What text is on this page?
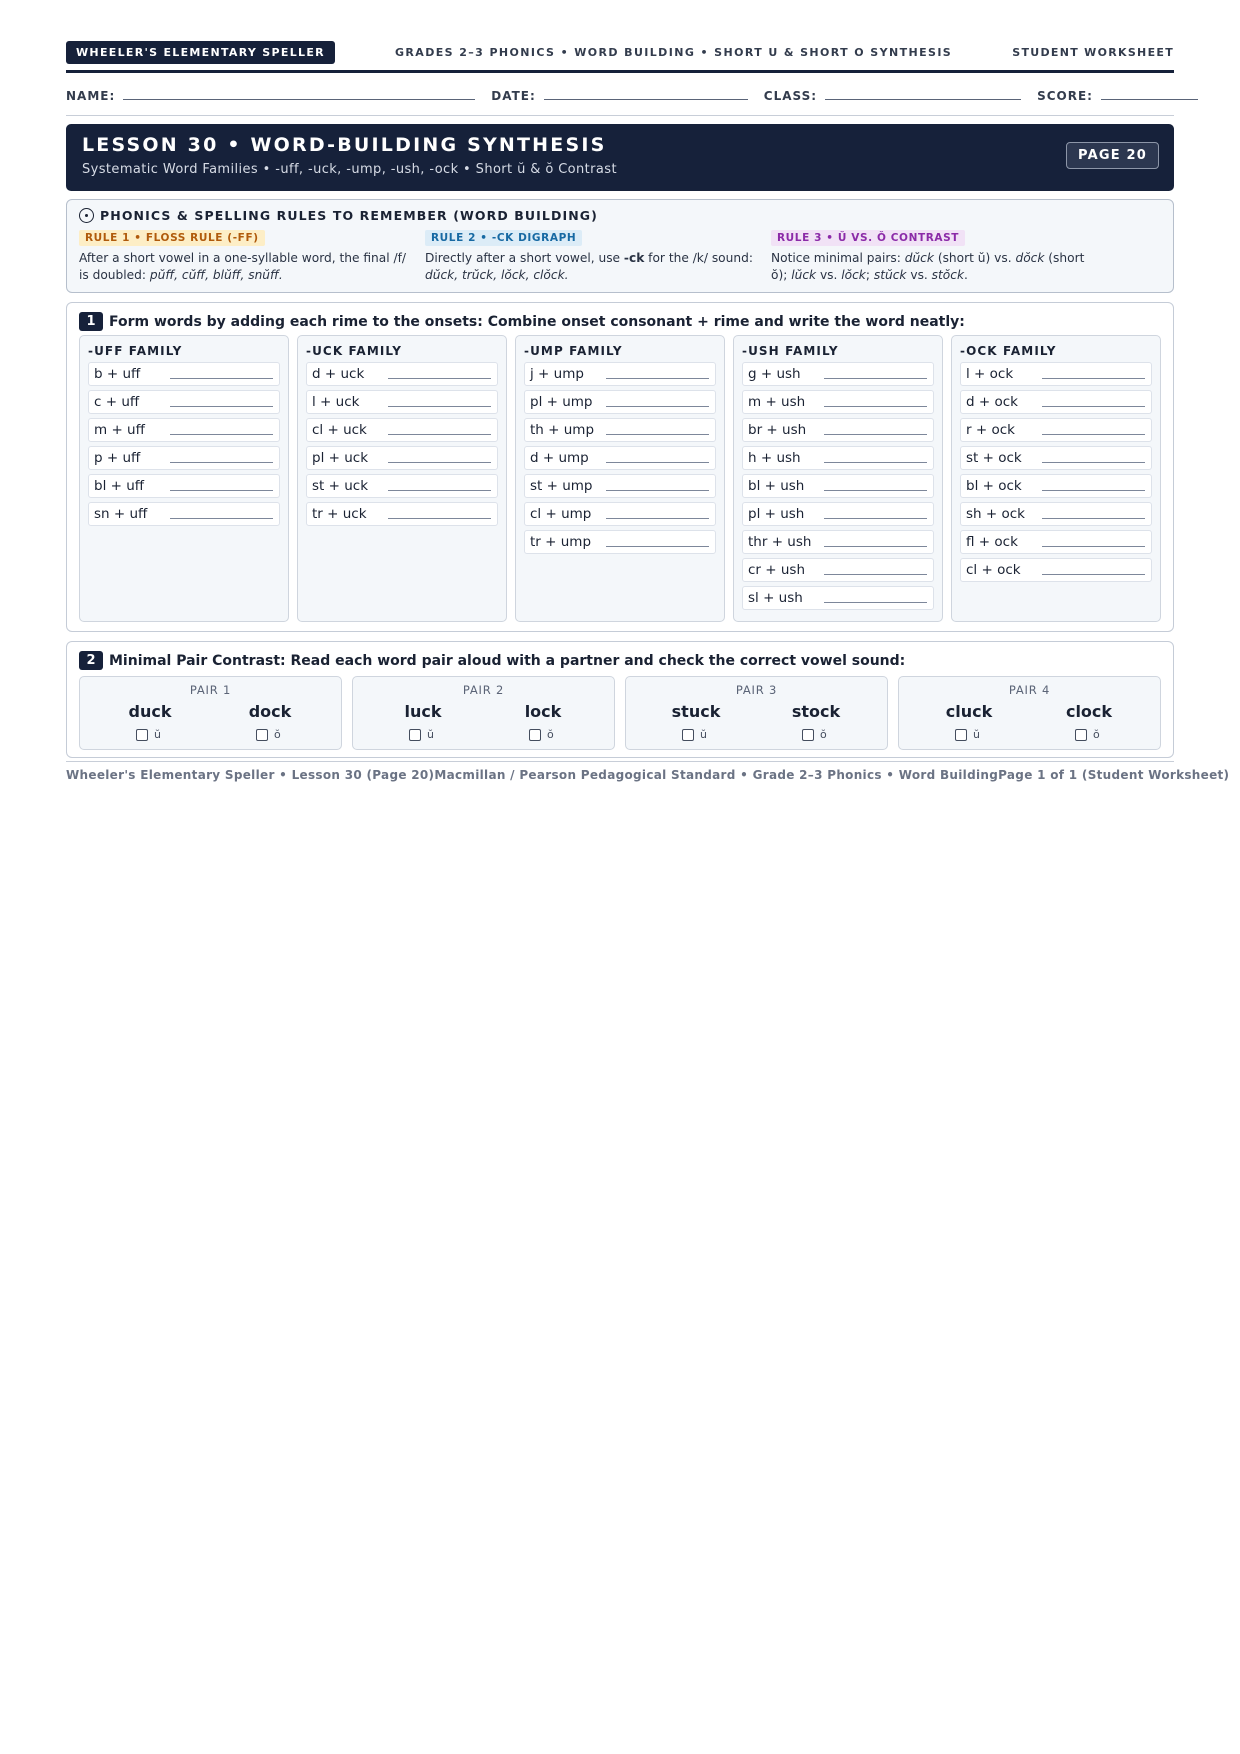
WHEELER'S ELEMENTARY SPELLER	GRADES 2–3 PHONICS • WORD BUILDING • SHORT U & SHORT O SYNTHESIS	STUDENT WORKSHEET
NAME:	DATE:	CLASS:	SCORE:
LESSON 30 • WORD-BUILDING SYNTHESIS
Systematic Word Families • -uff, -uck, -ump, -ush, -ock • Short ŭ & ŏ Contrast
PAGE 20
PHONICS & SPELLING RULES TO REMEMBER (WORD BUILDING)
RULE 1 • FLOSS RULE (-FF)
After a short vowel in a one-syllable word, the final /f/ is doubled: pŭff, cŭff, blŭff, snŭff.
RULE 2 • -CK DIGRAPH
Directly after a short vowel, use -ck for the /k/ sound: dŭck, trŭck, lŏck, clŏck.
RULE 3 • Ŭ VS. Ŏ CONTRAST
Notice minimal pairs: dŭck (short ŭ) vs. dŏck (short ŏ); lŭck vs. lŏck; stŭck vs. stŏck.
1 Form words by adding each rime to the onsets: Combine onset consonant + rime and write the word neatly:
-UFF FAMILY
b + uff
c + uff
m + uff
p + uff
bl + uff
sn + uff
-UCK FAMILY
d + uck
l + uck
cl + uck
pl + uck
st + uck
tr + uck
-UMP FAMILY
j + ump
pl + ump
th + ump
d + ump
st + ump
cl + ump
tr + ump
-USH FAMILY
g + ush
m + ush
br + ush
h + ush
bl + ush
pl + ush
thr + ush
cr + ush
sl + ush
-OCK FAMILY
l + ock
d + ock
r + ock
st + ock
bl + ock
sh + ock
fl + ock
cl + ock
2 Minimal Pair Contrast: Read each word pair aloud with a partner and check the correct vowel sound:
PAIR 1
duck	dock
ŭ	ŏ
PAIR 2
luck	lock
ŭ	ŏ
PAIR 3
stuck	stock
ŭ	ŏ
PAIR 4
cluck	clock
ŭ	ŏ
Wheeler's Elementary Speller • Lesson 30 (Page 20) Macmillan / Pearson Pedagogical Standard • Grade 2–3 Phonics • Word Building Page 1 of 1 (Student Worksheet)
